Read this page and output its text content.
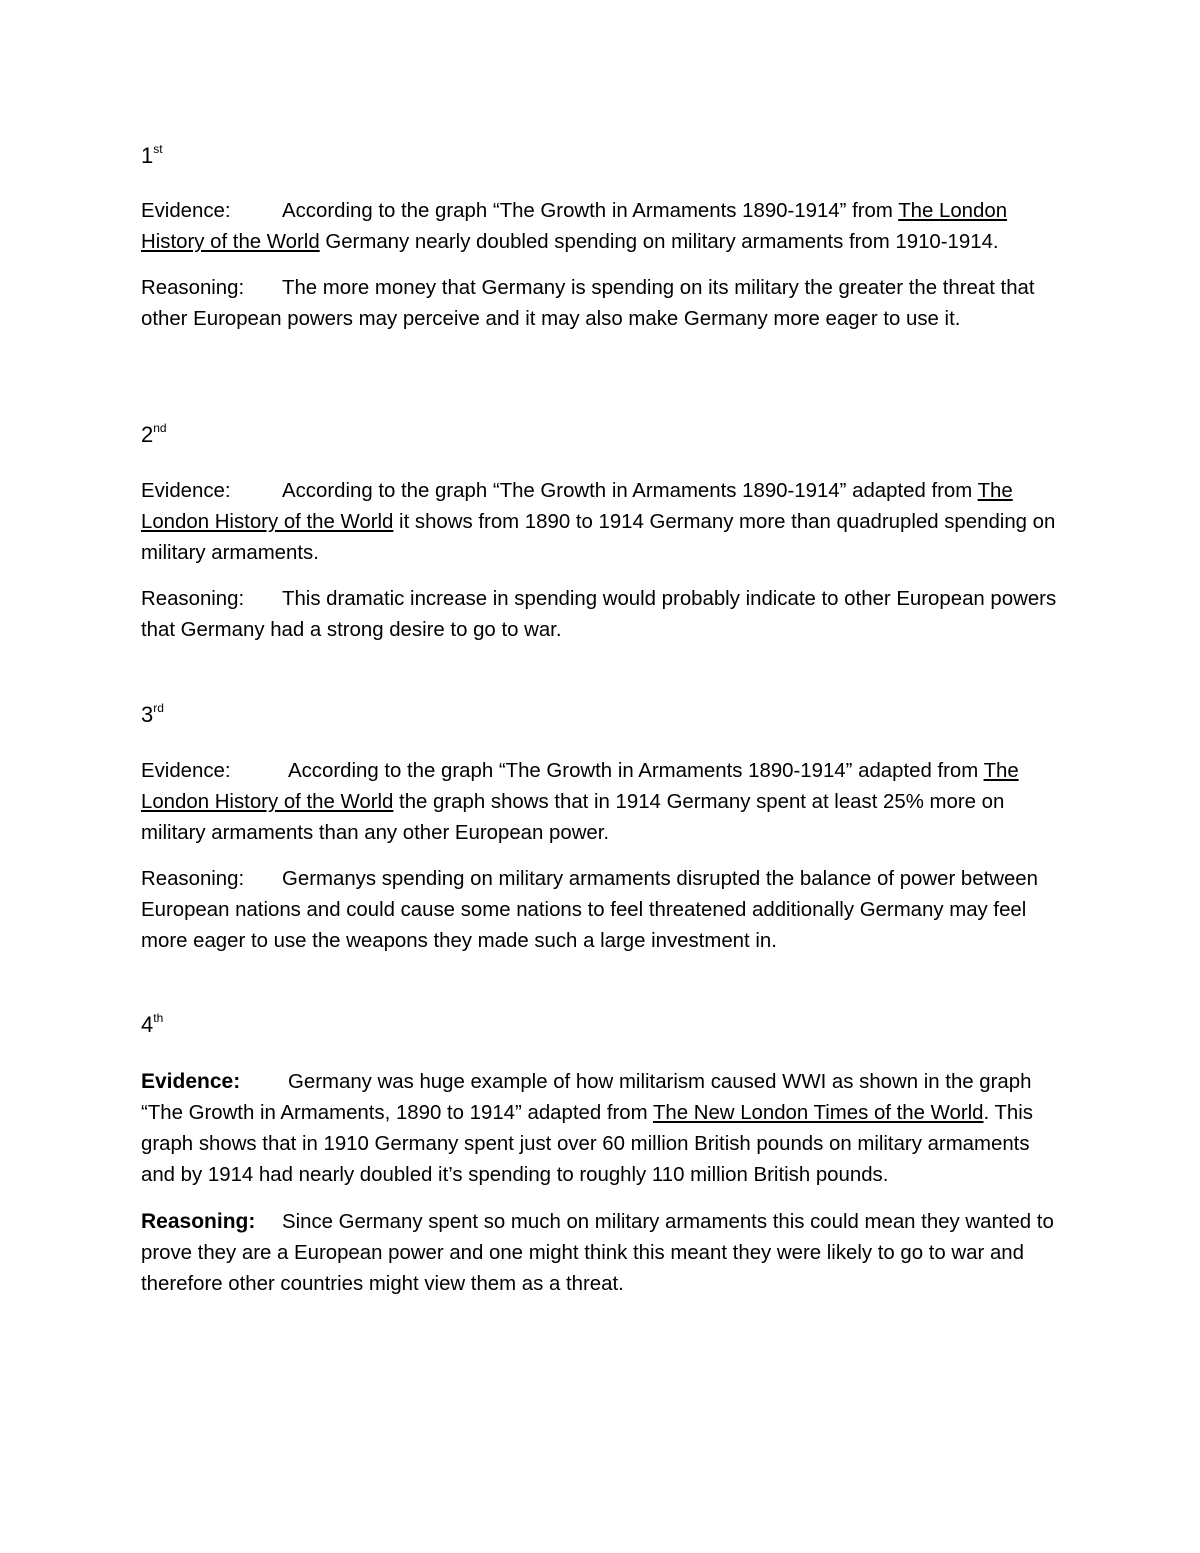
1st

Evidence:	According to the graph “The Growth in Armaments 1890-1914” from The London History of the World Germany nearly doubled spending on military armaments from 1910-1914.

Reasoning: The more money that Germany is spending on its military the greater the threat that other European powers may perceive and it may also make Germany more eager to use it.

2nd

Evidence:	According to the graph “The Growth in Armaments 1890-1914” adapted from The London History of the World it shows from 1890 to 1914 Germany more than quadrupled spending on military armaments.

Reasoning: This dramatic increase in spending would probably indicate to other European powers that Germany had a strong desire to go to war.

3rd

Evidence:	According to the graph “The Growth in Armaments 1890-1914” adapted from The London History of the World the graph shows that in 1914 Germany spent at least 25% more on military armaments than any other European power.

Reasoning: Germanys spending on military armaments disrupted the balance of power between European nations and could cause some nations to feel threatened additionally Germany may feel more eager to use the weapons they made such a large investment in.

4th

Evidence: Germany was huge example of how militarism caused WWI as shown in the graph “The Growth in Armaments, 1890 to 1914” adapted from The New London Times of the World. This graph shows that in 1910 Germany spent just over 60 million British pounds on military armaments and by 1914 had nearly doubled it’s spending to roughly 110 million British pounds.

Reasoning: Since Germany spent so much on military armaments this could mean they wanted to prove they are a European power and one might think this meant they were likely to go to war and therefore other countries might view them as a threat.
